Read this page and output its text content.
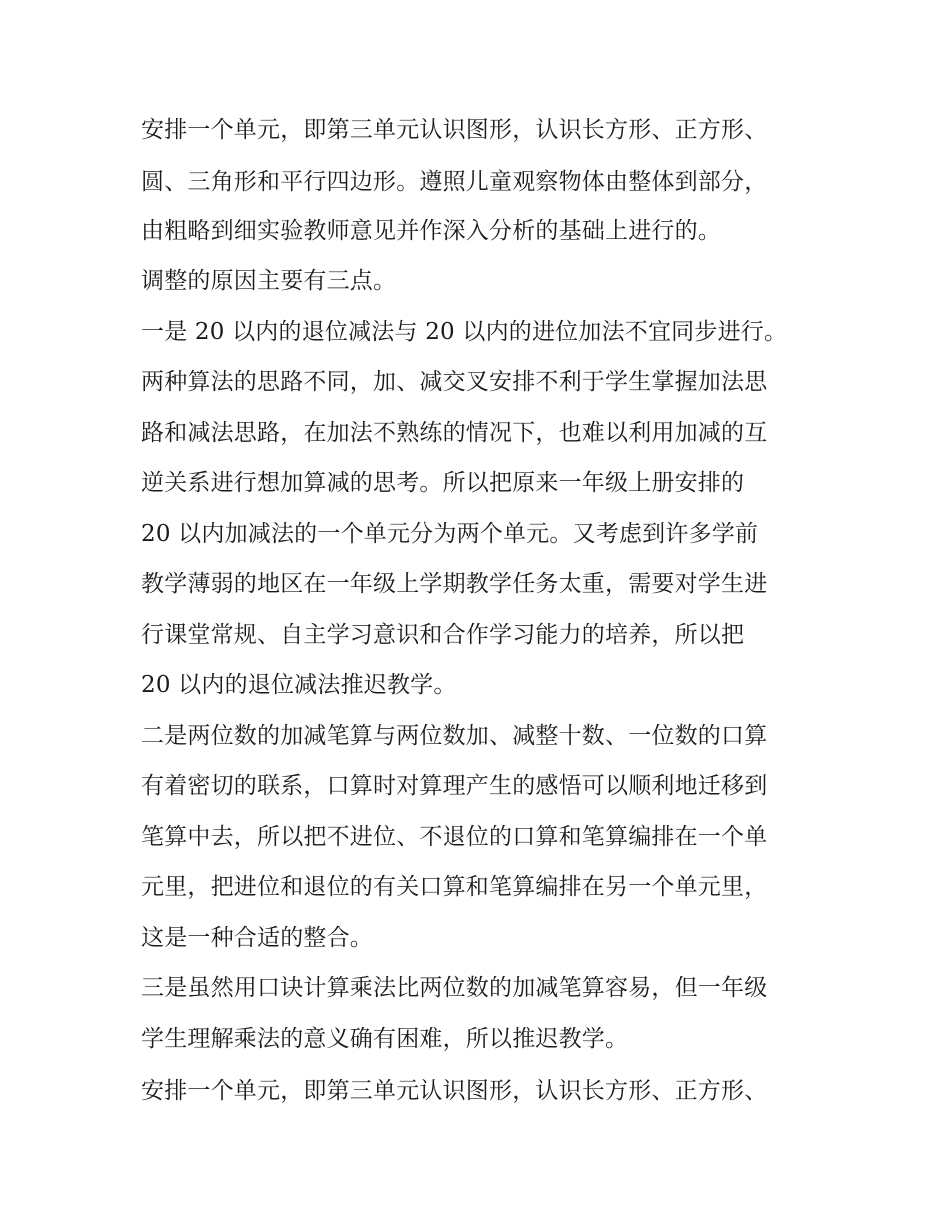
安排一个单元，即第三单元认识图形，认识长方形、正方形、
圆、三角形和平行四边形。遵照儿童观察物体由整体到部分，
由粗略到细实验教师意见并作深入分析的基础上进行的。
调整的原因主要有三点。
一是 20 以内的退位减法与 20 以内的进位加法不宜同步进行。
两种算法的思路不同，加、减交叉安排不利于学生掌握加法思
路和减法思路，在加法不熟练的情况下，也难以利用加减的互
逆关系进行想加算减的思考。所以把原来一年级上册安排的
20 以内加减法的一个单元分为两个单元。又考虑到许多学前
教学薄弱的地区在一年级上学期教学任务太重，需要对学生进
行课堂常规、自主学习意识和合作学习能力的培养，所以把
20 以内的退位减法推迟教学。
二是两位数的加减笔算与两位数加、减整十数、一位数的口算
有着密切的联系，口算时对算理产生的感悟可以顺利地迁移到
笔算中去，所以把不进位、不退位的口算和笔算编排在一个单
元里，把进位和退位的有关口算和笔算编排在另一个单元里，
这是一种合适的整合。
三是虽然用口诀计算乘法比两位数的加减笔算容易，但一年级
学生理解乘法的意义确有困难，所以推迟教学。
安排一个单元，即第三单元认识图形，认识长方形、正方形、
